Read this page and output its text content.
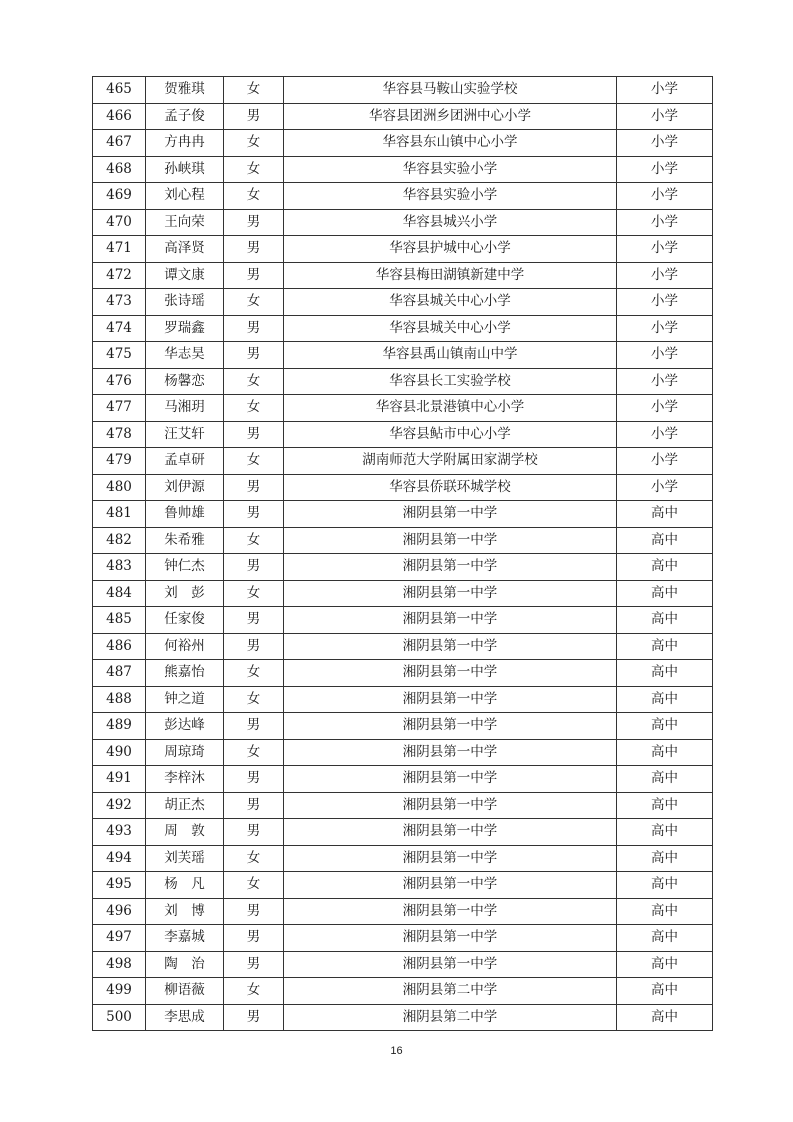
465	贺雅琪	女	华容县马鞍山实验学校	小学
466	孟子俊	男	华容县团洲乡团洲中心小学	小学
467	方冉冉	女	华容县东山镇中心小学	小学
468	孙峡琪	女	华容县实验小学	小学
469	刘心程	女	华容县实验小学	小学
470	王向荣	男	华容县城兴小学	小学
471	高泽贤	男	华容县护城中心小学	小学
472	谭文康	男	华容县梅田湖镇新建中学	小学
473	张诗瑶	女	华容县城关中心小学	小学
474	罗瑞鑫	男	华容县城关中心小学	小学
475	华志昊	男	华容县禹山镇南山中学	小学
476	杨馨恋	女	华容县长工实验学校	小学
477	马湘玥	女	华容县北景港镇中心小学	小学
478	汪艾轩	男	华容县鲇市中心小学	小学
479	孟卓研	女	湖南师范大学附属田家湖学校	小学
480	刘伊源	男	华容县侨联环城学校	小学
481	鲁帅雄	男	湘阴县第一中学	高中
482	朱希雅	女	湘阴县第一中学	高中
483	钟仁杰	男	湘阴县第一中学	高中
484	刘　彭	女	湘阴县第一中学	高中
485	任家俊	男	湘阴县第一中学	高中
486	何裕州	男	湘阴县第一中学	高中
487	熊嘉怡	女	湘阴县第一中学	高中
488	钟之道	女	湘阴县第一中学	高中
489	彭达峰	男	湘阴县第一中学	高中
490	周琼琦	女	湘阴县第一中学	高中
491	李梓沐	男	湘阴县第一中学	高中
492	胡正杰	男	湘阴县第一中学	高中
493	周　敦	男	湘阴县第一中学	高中
494	刘芙瑶	女	湘阴县第一中学	高中
495	杨　凡	女	湘阴县第一中学	高中
496	刘　博	男	湘阴县第一中学	高中
497	李嘉城	男	湘阴县第一中学	高中
498	陶　治	男	湘阴县第一中学	高中
499	柳语薇	女	湘阴县第二中学	高中
500	李思成	男	湘阴县第二中学	高中
16
